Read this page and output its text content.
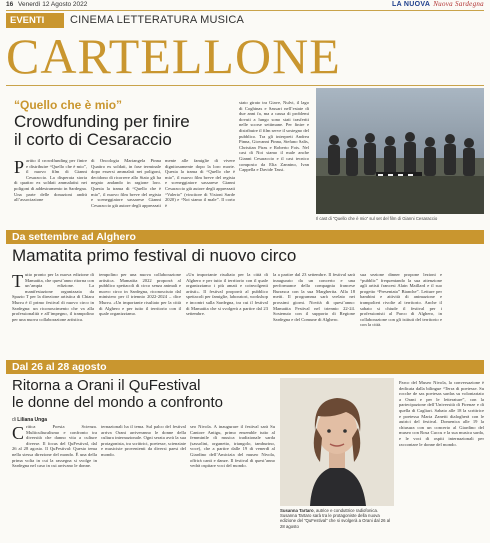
16 Venerdì 12 Agosto 2022	LA NUOVA Nuova Sardegna
EVENTI	CINEMA LETTERATURA MUSICA
CARTELLONE
“Quello che è mio”
Crowdfunding per finire
il corto di Cesaraccio
Partito il crowdfunding per finire e distribuire “Quello che è mio”, il nuovo film di Gianni Cesaraccio. La disperata storia di quattro ex soldati ammalatisi nei poligoni di addestramento in Sardegna. Una parte delle donazioni andrà all’associazione
di Oncologia Mariangela Pinna Quattro ex soldati, in fase terminale dopo essersi ammalati nei poligoni, decidono di ricorrere allo Stato gli ha negato andando in ragione loro. Questa la trama di “Quello che è mio”, il nuovo film breve del regista e sceneggiatore sassarese Gianni Cesaraccio già autore degli apprezzati
mente alle famiglie di vivere dignitosamente dopo la loro morte. Questa la trama di “Quello che è mio”, il nuovo film breve del regista e sceneggiatore sassarese Gianni Cesaraccio già autore degli apprezzati “Valerio” (vincitore di Visioni Sarde 2020) e “Noi siamo il male”. Il corto è
stato girato tra Giave, Nulvi, il lago di Coghinas e Sassari nell’estate di due anni fa, ma a causa di problemi dovuti a lungo sono stati trasferiti nelle scorse settimane. Per finire e distribuire il film serve il sostegno del pubblico. Tra gli interpreti Andrea Pinna, Giovanni Pinna, Stefano Salis, Christian Piras e Roberto Fois. Nel cast di Noi siamo il male anche Gianni Cesaraccio e il cast tecnico composto da Elia Zannino, Ivan Cappella e Davide Tassi.
Il cast di “Quello che è mio” sul set del film di Gianni Cesaraccio
Da settembre ad Alghero
Mamatita primo festival di nuovo circo
Tutto pronto per la nuova edizione di Mamatita, che quest’anno ritorna con un’ampia edizione. La manifestazione organizzata da Spazio T per la direzione artistica di Chiara Murru è il primo festival di nuovo circo in Sardegna: un riconoscimento che va alla professionalità e all’impegno, il trampolino per una nuova collaborazione artistica.
tempolino per una nuova collaborazione artistica. Mamatita 2022 proporrà al pubblico spettacoli di circo senza animali e nuovo circo in Sardegna, riconosciuto dal ministero per il triennio 2022-2024 – dice Murru. «Un importante risultato per la città di Alghero e per tutto il territorio con il quale organizziamo.
«Un importante risultato per la città di Alghero e per tutto il territorio con il quale organizziamo i più amati e coinvolgenti artisti». Il festival proporrà al pubblico spettacoli per famiglie, laboratori, workshop e incontri sulla Sardegna, tra cui il festival di Mamatita che si svolgerà a partire dal 23 settembre.
la a partire dal 23 settembre. Il festival sarà inaugurato da un concerto e una performance della compagnia francese Burrasca con la sua Margherita. Alla 18 metti. Il programma sarà svelato nei prossimi giorni. Novità di quest’anno: Mamatita Festival nel triennio 22-24. Sostenuto con il supporto di Regione Sardegna e del Comune di Alghero.
sua sezione dinner propone lezioni e “pubblic” frequentando la sua attenzione agli artisti francesi Alain Maillard e il suo progetto “Presentata” Bianche”. Letture per bambini e attività di animazione e trampolieri rivolte al territorio. Anche il sabato si chiude il festival per i professionisti al Parco di Alghero, in collaborazione con gli istituti del territorio e con la città.
Dal 26 al 28 agosto
Ritorna a Orani il QuFestival
le donne del mondo a confronto
di Liliana Unga
Critica Poesia Scienza. Multiculturalismo e confronto tra diversità che danno vita a culture diverse. Il focus del QuFestival, dal 26 al 28 agosto. Il QuFestival: Questo tema nella stessa direzione del mondo. È una della prima volta in cui la rassegna si svolge in Sardegna nel caso in cui arrivano le donne.
ternazionali ha il tema. Sul palco del festival arriva Orani arriveranno le donne della cultura internazionale. Ogni serata avrà la sua protagonista, tra scrittrici, poetesse, scienziate e musiciste provenienti da diversi paesi del mondo.
seo Nivola. A inaugurare il festival sarà Su Cantore Antigu, primo ensemble tutto al femminile di musica tradizionale sarda (sassolini, organetto, triangolo, tamburino, voce), che a partire dalle 19 di venerdì al Giardino dell’Amicizia del museo Nivola, offrirà canti e danze. Il festival di quest’anno vedrà ospitare voci del mondo.
Susanna Tartaro, autrice e conduttrice radiofonica. Susanna Tartaro sarà tra le protagoniste della nuova edizione del “QuFestival” che si svolgerà a Orani dal 26 al 28 agosto
Parco del Museo Nivola, la conversazione è dedicata dalla bilingue “Terra di poetesse. Su rocche de sas poetesas sardas su volontariato a Orani e per le letterature”, con la partecipazione dell’Università di Firenze e di quella di Cagliari. Sabato alle 18 la scrittrice e poetessa Maria Zanetti dialogherà con le autrici del festival. Domenica alle 19 la chiusura con un concerto al Giardino del museo con Rosa Cuccu e la sua musica sarda, e le voci di ospiti internazionali per raccontare le donne del mondo.
